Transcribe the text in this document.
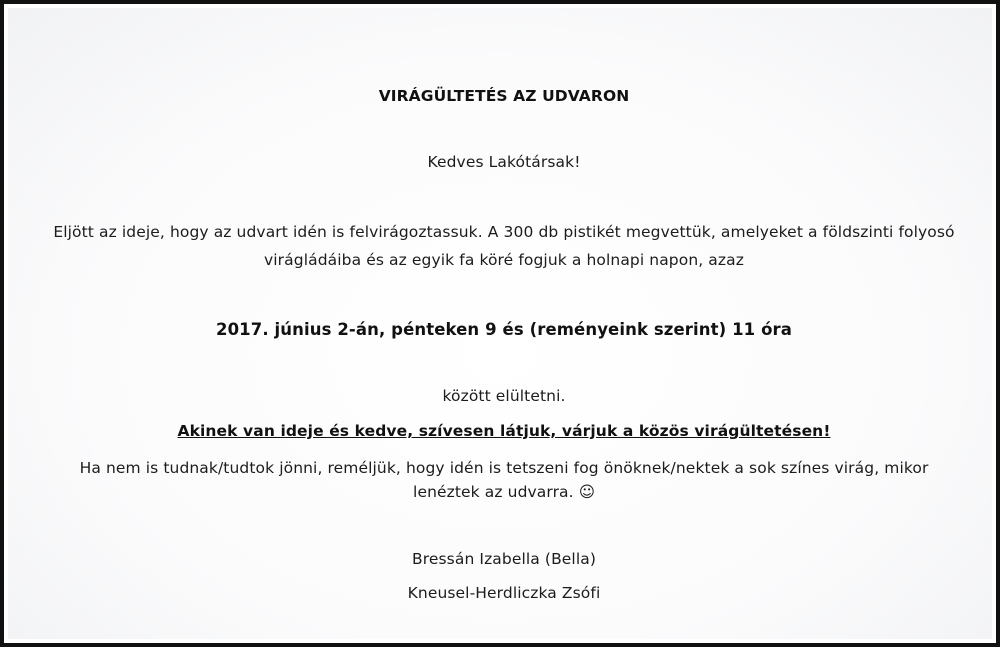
VIRÁGÜLTETÉS AZ UDVARON
Kedves Lakótársak!
Eljött az ideje, hogy az udvart idén is felvirágoztassuk. A 300 db pistikét megvettük, amelyeket a földszinti folyosó
virágládáiba és az egyik fa köré fogjuk a holnapi napon, azaz
2017. június 2-án, pénteken 9 és (reményeink szerint) 11 óra
között elültetni.
Akinek van ideje és kedve, szívesen látjuk, várjuk a közös virágültetésen!
Ha nem is tudnak/tudtok jönni, reméljük, hogy idén is tetszeni fog önöknek/nektek a sok színes virág, mikor
lenéztek az udvarra. ☺
Bressán Izabella (Bella)
Kneusel-Herdliczka Zsófi
